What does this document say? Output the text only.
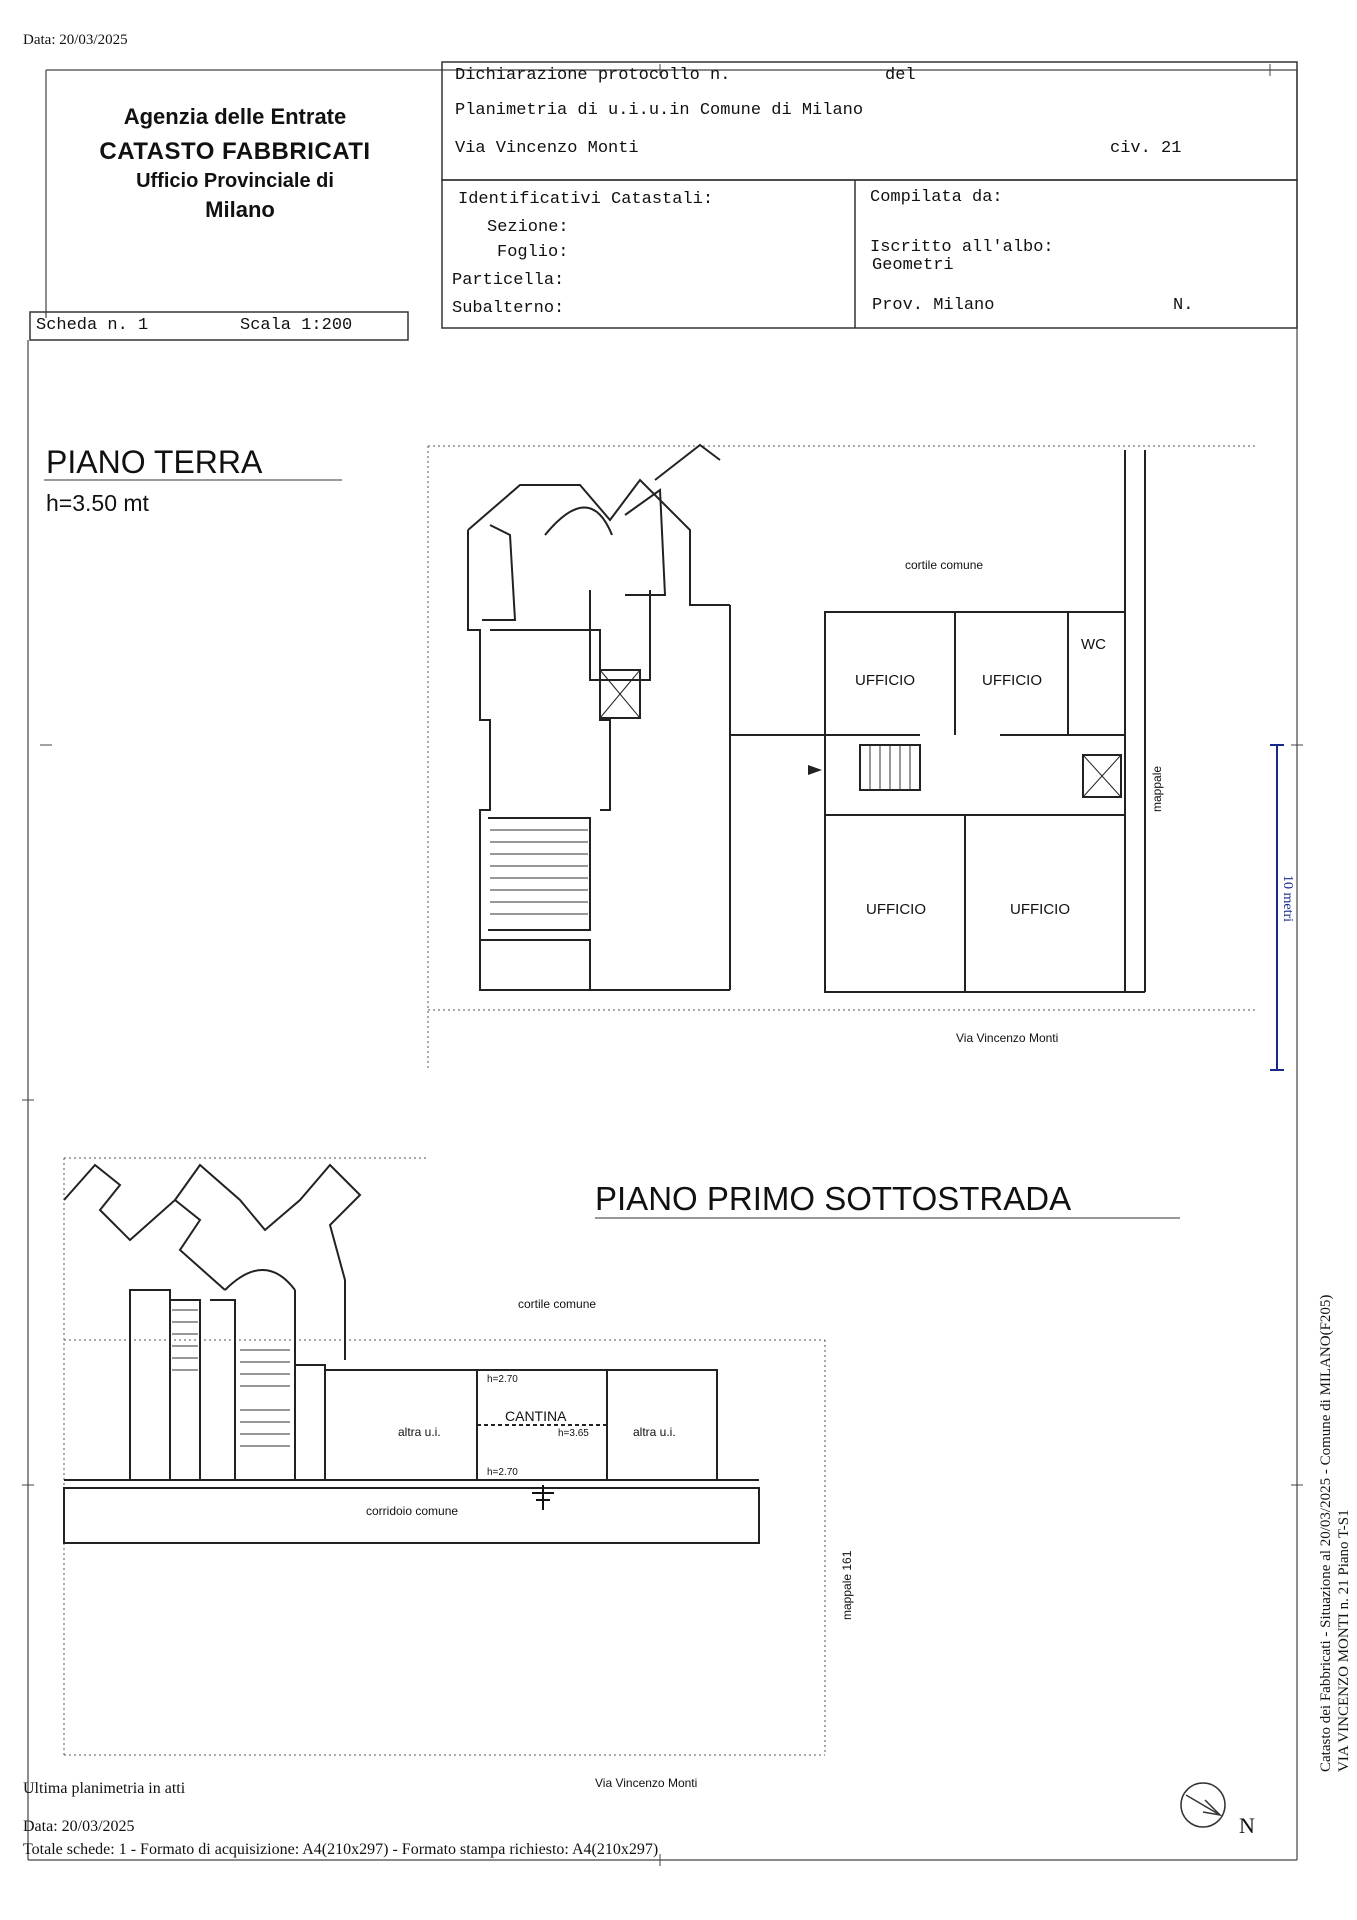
Data: 20/03/2025
Agenzia delle Entrate
CATASTO FABBRICATI
Ufficio Provinciale di
Milano
Scheda n. 1	Scala 1:200
Dichiarazione protocollo n.	del
Planimetria di u.i.u.in Comune di Milano
Via Vincenzo Monti	civ. 21
Identificativi Catastali:
Sezione:
Foglio:
Particella:
Subalterno:
Compilata da:
Iscritto all'albo:
Geometri
Prov. Milano	N.
PIANO TERRA
h=3.50 mt
cortile comune
WC
UFFICIO	UFFICIO
UFFICIO	UFFICIO
mappale
Via Vincenzo Monti
10 metri
PIANO PRIMO SOTTOSTRADA
cortile comune
h=2.70
CANTINA
h=3.65
h=2.70
altra u.i.	altra u.i.
corridoio comune
mappale 161
Via Vincenzo Monti
Catasto dei Fabbricati - Situazione al 20/03/2025 - Comune di MILANO(F205) VIA VINCENZO MONTI n. 21 Piano T-S1
N
Ultima planimetria in atti
Data: 20/03/2025
Totale schede: 1 - Formato di acquisizione: A4(210x297) - Formato stampa richiesto: A4(210x297)
